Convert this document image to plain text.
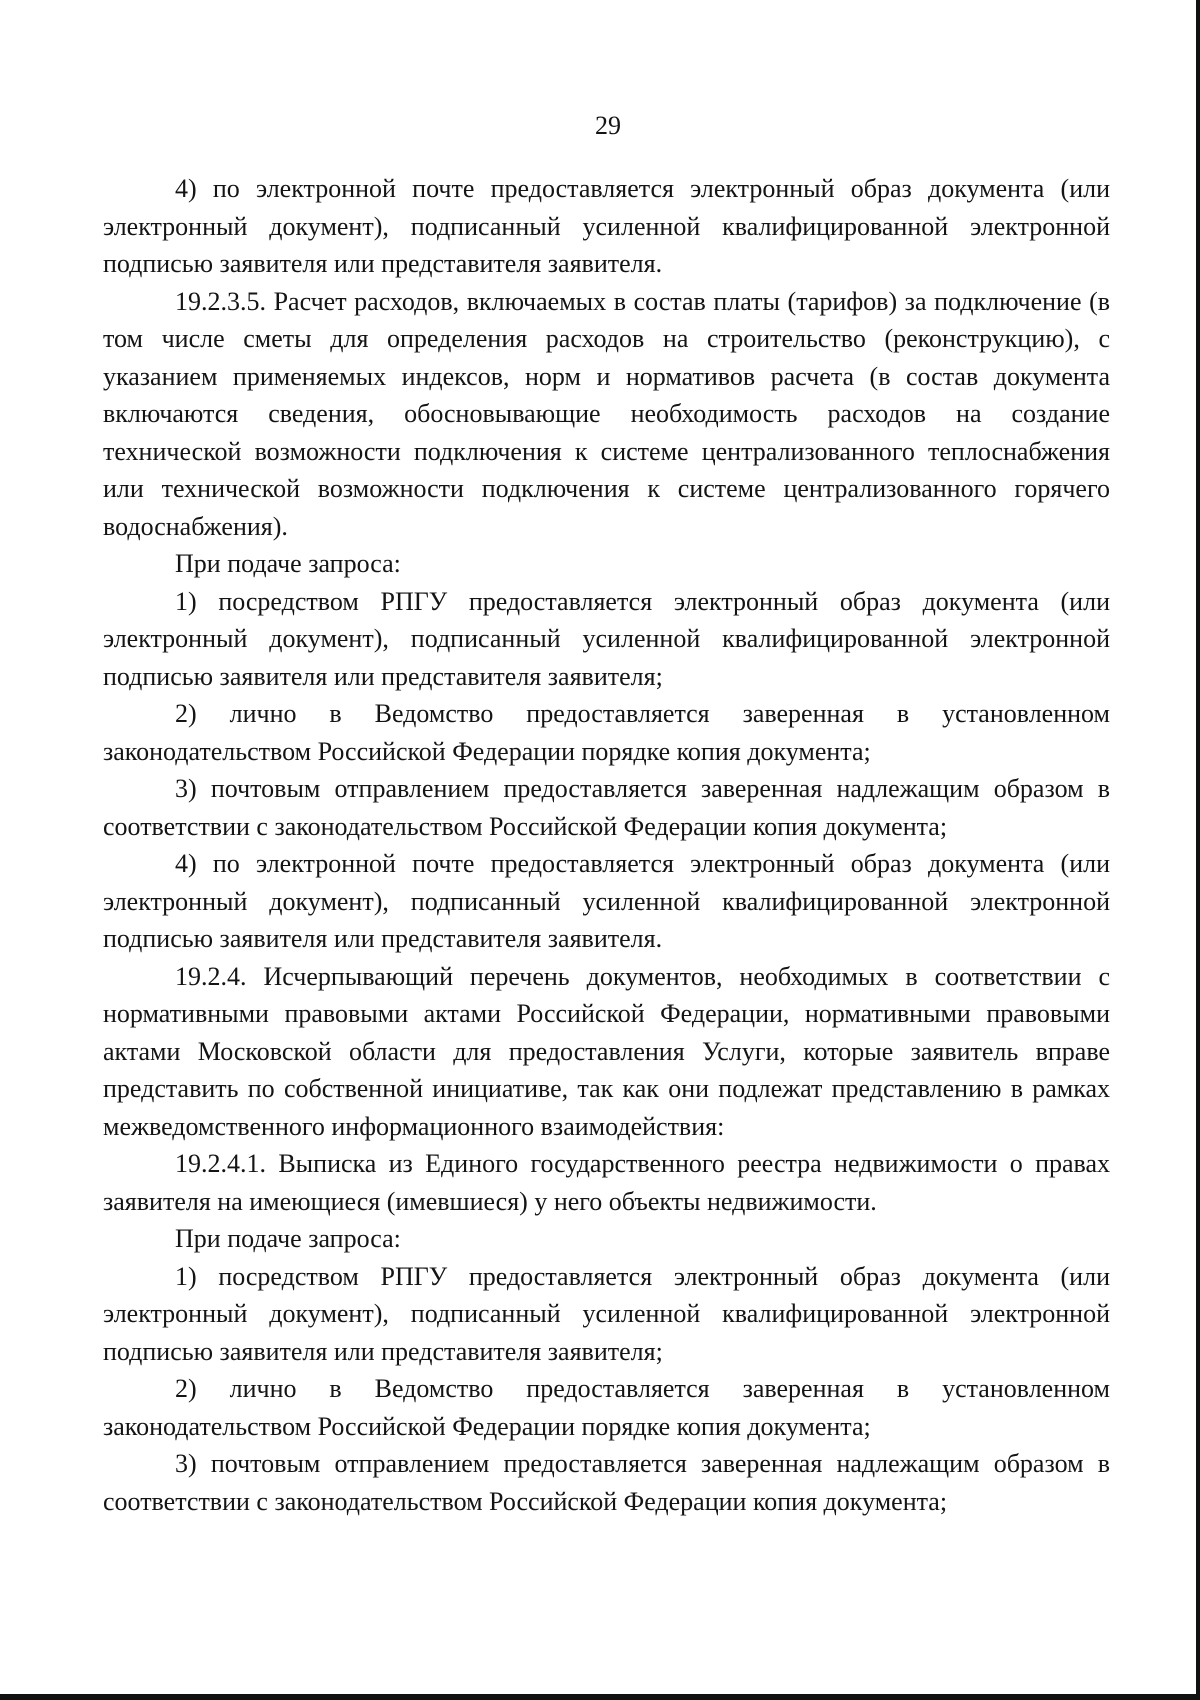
29

4) по электронной почте предоставляется электронный образ документа (или электронный документ), подписанный усиленной квалифицированной электронной подписью заявителя или представителя заявителя.

19.2.3.5. Расчет расходов, включаемых в состав платы (тарифов) за подключение (в том числе сметы для определения расходов на строительство (реконструкцию), с указанием применяемых индексов, норм и нормативов расчета (в состав документа включаются сведения, обосновывающие необходимость расходов на создание технической возможности подключения к системе централизованного теплоснабжения или технической возможности подключения к системе централизованного горячего водоснабжения).

При подаче запроса:

1) посредством РПГУ предоставляется электронный образ документа (или электронный документ), подписанный усиленной квалифицированной электронной подписью заявителя или представителя заявителя;

2) лично в Ведомство предоставляется заверенная в установленном законодательством Российской Федерации порядке копия документа;

3) почтовым отправлением предоставляется заверенная надлежащим образом в соответствии с законодательством Российской Федерации копия документа;

4) по электронной почте предоставляется электронный образ документа (или электронный документ), подписанный усиленной квалифицированной электронной подписью заявителя или представителя заявителя.

19.2.4. Исчерпывающий перечень документов, необходимых в соответствии с нормативными правовыми актами Российской Федерации, нормативными правовыми актами Московской области для предоставления Услуги, которые заявитель вправе представить по собственной инициативе, так как они подлежат представлению в рамках межведомственного информационного взаимодействия:

19.2.4.1. Выписка из Единого государственного реестра недвижимости о правах заявителя на имеющиеся (имевшиеся) у него объекты недвижимости.

При подаче запроса:

1) посредством РПГУ предоставляется электронный образ документа (или электронный документ), подписанный усиленной квалифицированной электронной подписью заявителя или представителя заявителя;

2) лично в Ведомство предоставляется заверенная в установленном законодательством Российской Федерации порядке копия документа;

3) почтовым отправлением предоставляется заверенная надлежащим образом в соответствии с законодательством Российской Федерации копия документа;
